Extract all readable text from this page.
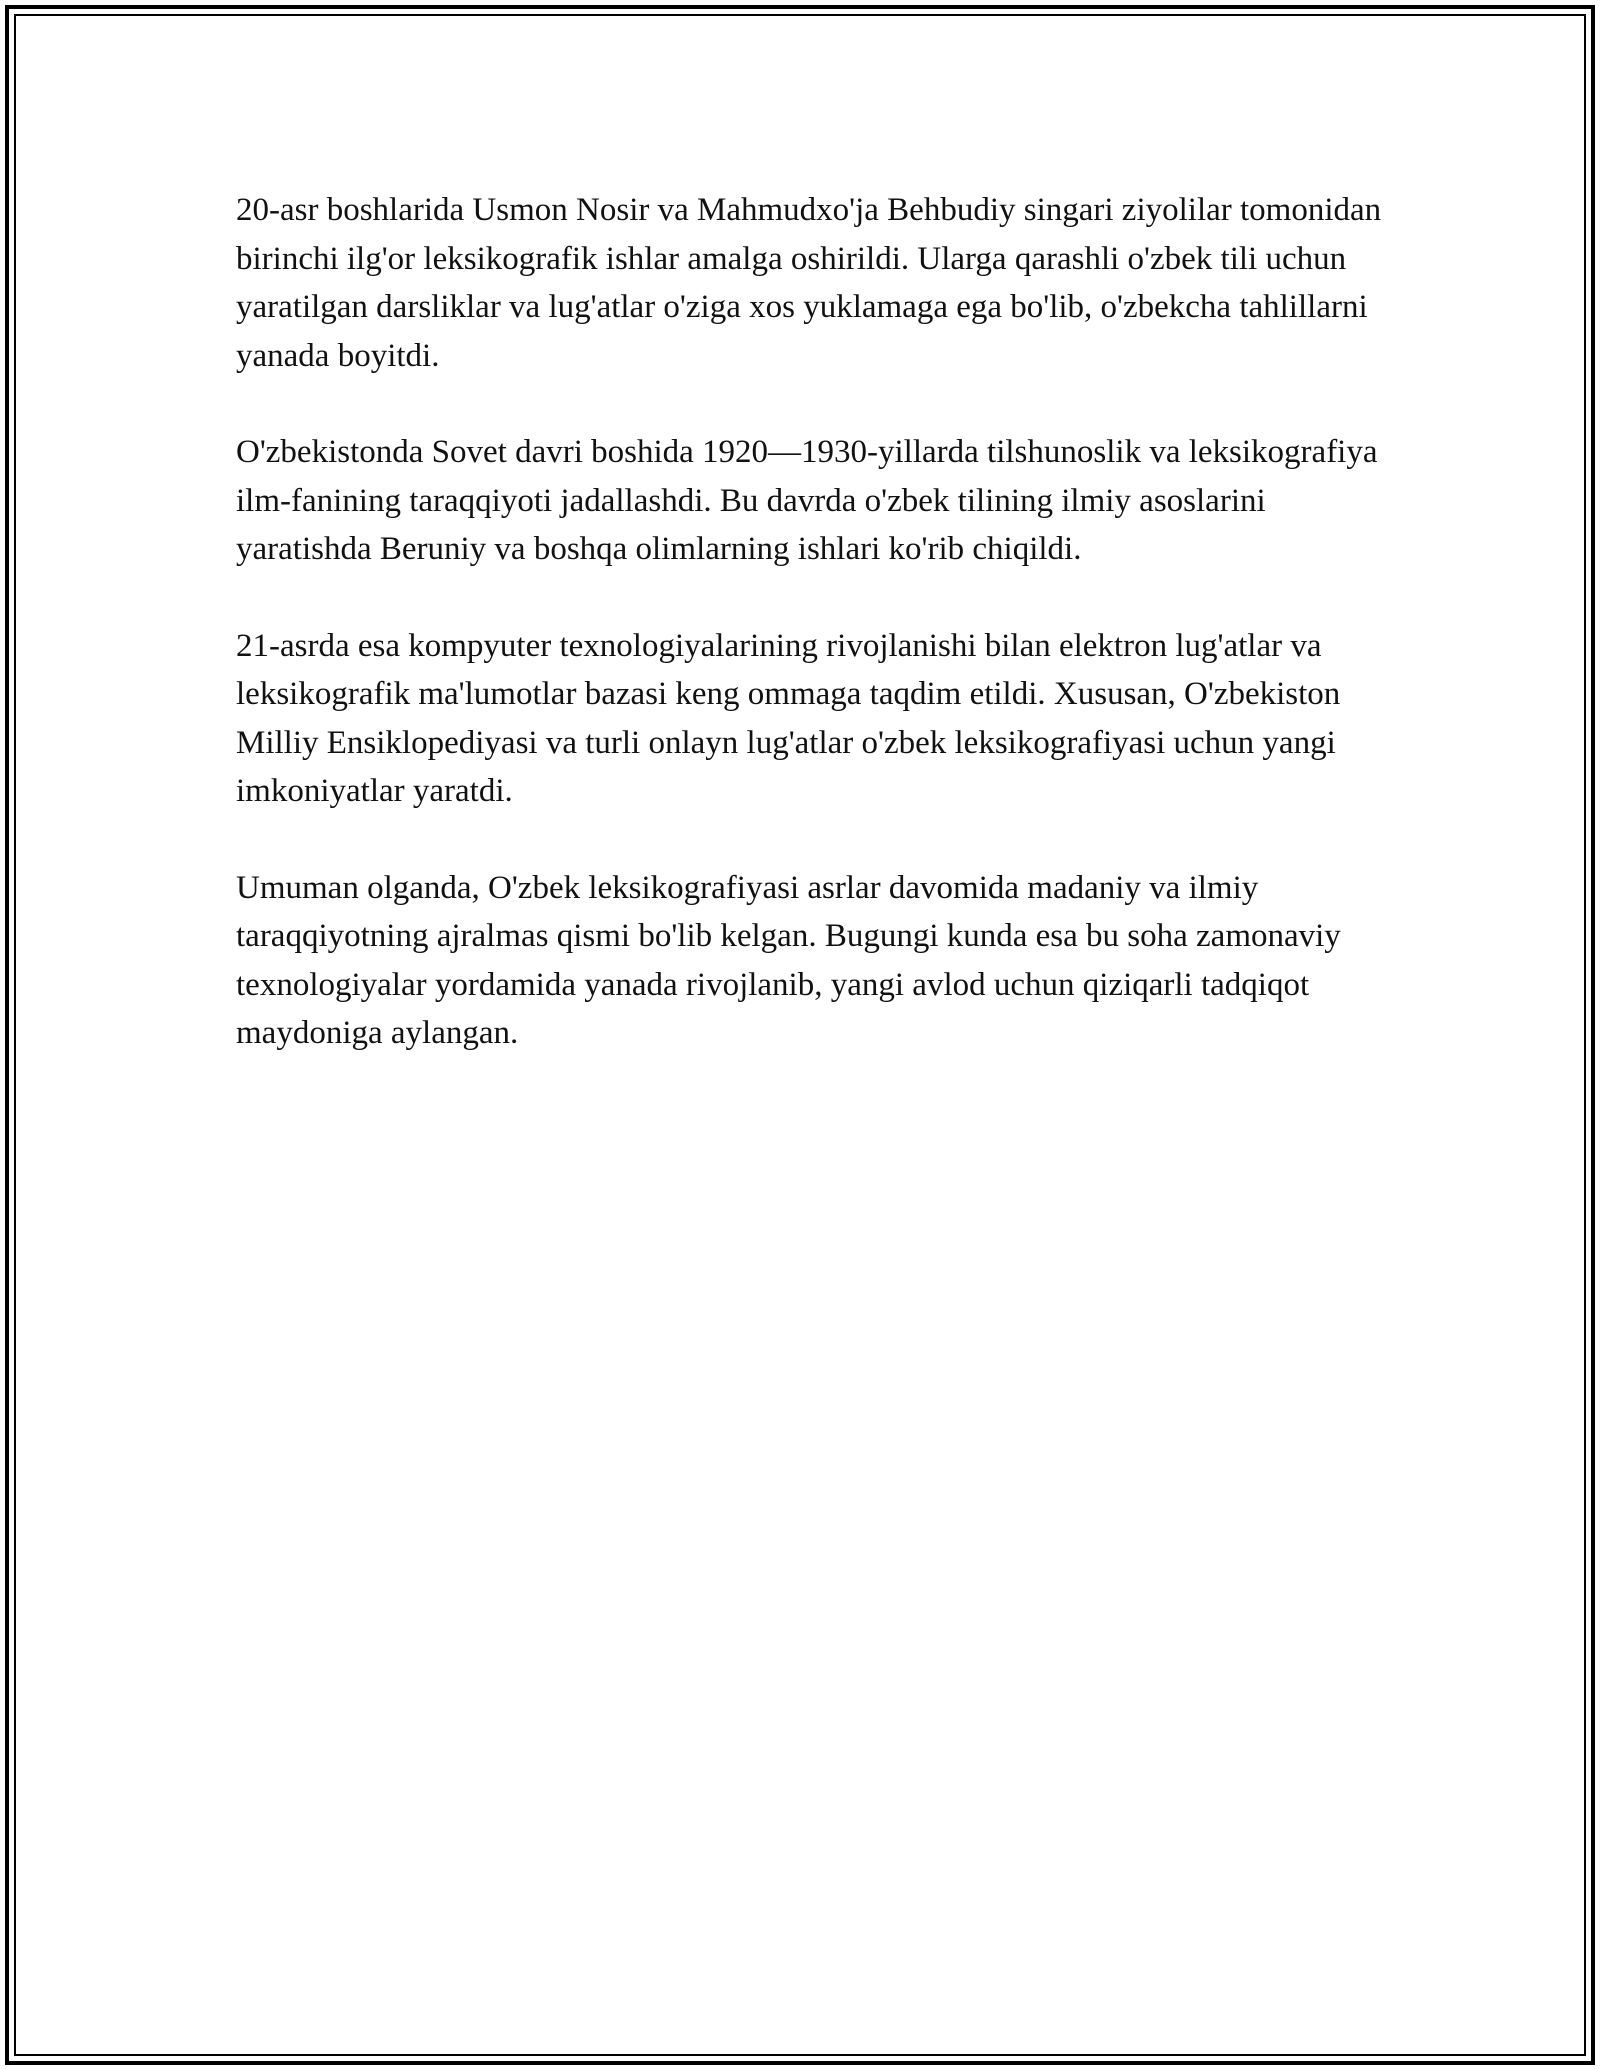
20-asr boshlarida Usmon Nosir va Mahmudxo'ja Behbudiy singari ziyolilar tomonidan birinchi ilg'or leksikografik ishlar amalga oshirildi. Ularga qarashli o'zbek tili uchun yaratilgan darsliklar va lug'atlar o'ziga xos yuklamaga ega bo'lib, o'zbekcha tahlillarni yanada boyitdi.

O'zbekistonda Sovet davri boshida 1920—1930-yillarda tilshunoslik va leksikografiya ilm-fanining taraqqiyoti jadallashdi. Bu davrda o'zbek tilining ilmiy asoslarini yaratishda Beruniy va boshqa olimlarning ishlari ko'rib chiqildi.

21-asrda esa kompyuter texnologiyalarining rivojlanishi bilan elektron lug'atlar va leksikografik ma'lumotlar bazasi keng ommaga taqdim etildi. Xususan, O'zbekiston Milliy Ensiklopediyasi va turli onlayn lug'atlar o'zbek leksikografiyasi uchun yangi imkoniyatlar yaratdi.

Umuman olganda, O'zbek leksikografiyasi asrlar davomida madaniy va ilmiy taraqqiyotning ajralmas qismi bo'lib kelgan. Bugungi kunda esa bu soha zamonaviy texnologiyalar yordamida yanada rivojlanib, yangi avlod uchun qiziqarli tadqiqot maydoniga aylangan.
